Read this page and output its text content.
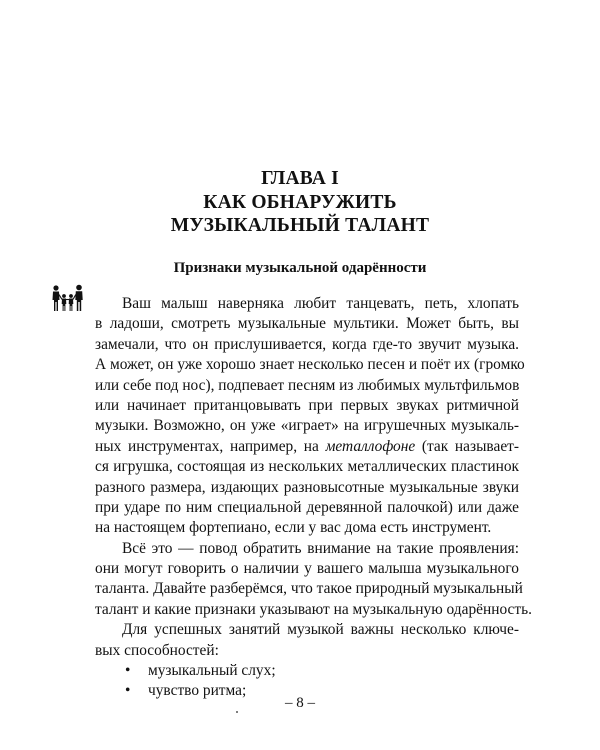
ГЛАВА I
КАК ОБНАРУЖИТЬ
МУЗЫКАЛЬНЫЙ ТАЛАНТ
Признаки музыкальной одарённости
Ваш малыш наверняка любит танцевать, петь, хлопать
в ладоши, смотреть музыкальные мультики. Может быть, вы
замечали, что он прислушивается, когда где-то звучит музыка.
А может, он уже хорошо знает несколько песен и поёт их (громко
или себе под нос), подпевает песням из любимых мультфильмов
или начинает пританцовывать при первых звуках ритмичной
музыки. Возможно, он уже «играет» на игрушечных музыкаль-
ных инструментах, например, на металлофоне (так называет-
ся игрушка, состоящая из нескольких металлических пластинок
разного размера, издающих разновысотные музыкальные звуки
при ударе по ним специальной деревянной палочкой) или даже
на настоящем фортепиано, если у вас дома есть инструмент.
Всё это — повод обратить внимание на такие проявления:
они могут говорить о наличии у вашего малыша музыкального
таланта. Давайте разберёмся, что такое природный музыкальный
талант и какие признаки указывают на музыкальную одарённость.
Для успешных занятий музыкой важны несколько ключе-
вых способностей:
• музыкальный слух;
• чувство ритма;
– 8 –
